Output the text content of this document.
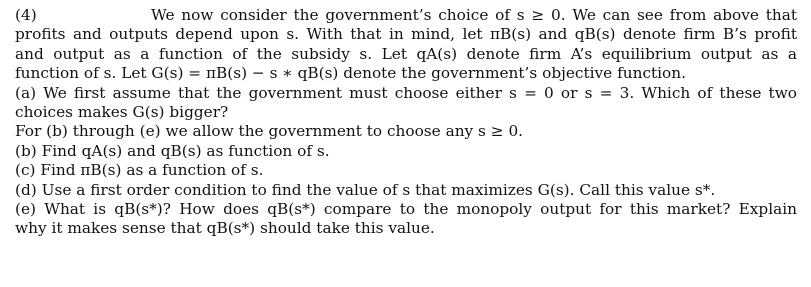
(4)	We now consider the government’s choice of s ≥ 0. We can see from above that
profits and outputs depend upon s. With that in mind, let πB(s) and qB(s) denote firm B’s profit
and output as a function of the subsidy s. Let qA(s) denote firm A’s equilibrium output as a
function of s. Let G(s) = πB(s) − s ∗ qB(s) denote the government’s objective function.
(a) We first assume that the government must choose either s = 0 or s = 3. Which of these two
choices makes G(s) bigger?
For (b) through (e) we allow the government to choose any s ≥ 0.
(b) Find qA(s) and qB(s) as function of s.
(c) Find πB(s) as a function of s.
(d) Use a first order condition to find the value of s that maximizes G(s). Call this value s*.
(e) What is qB(s*)? How does qB(s*) compare to the monopoly output for this market? Explain
why it makes sense that qB(s*) should take this value.
